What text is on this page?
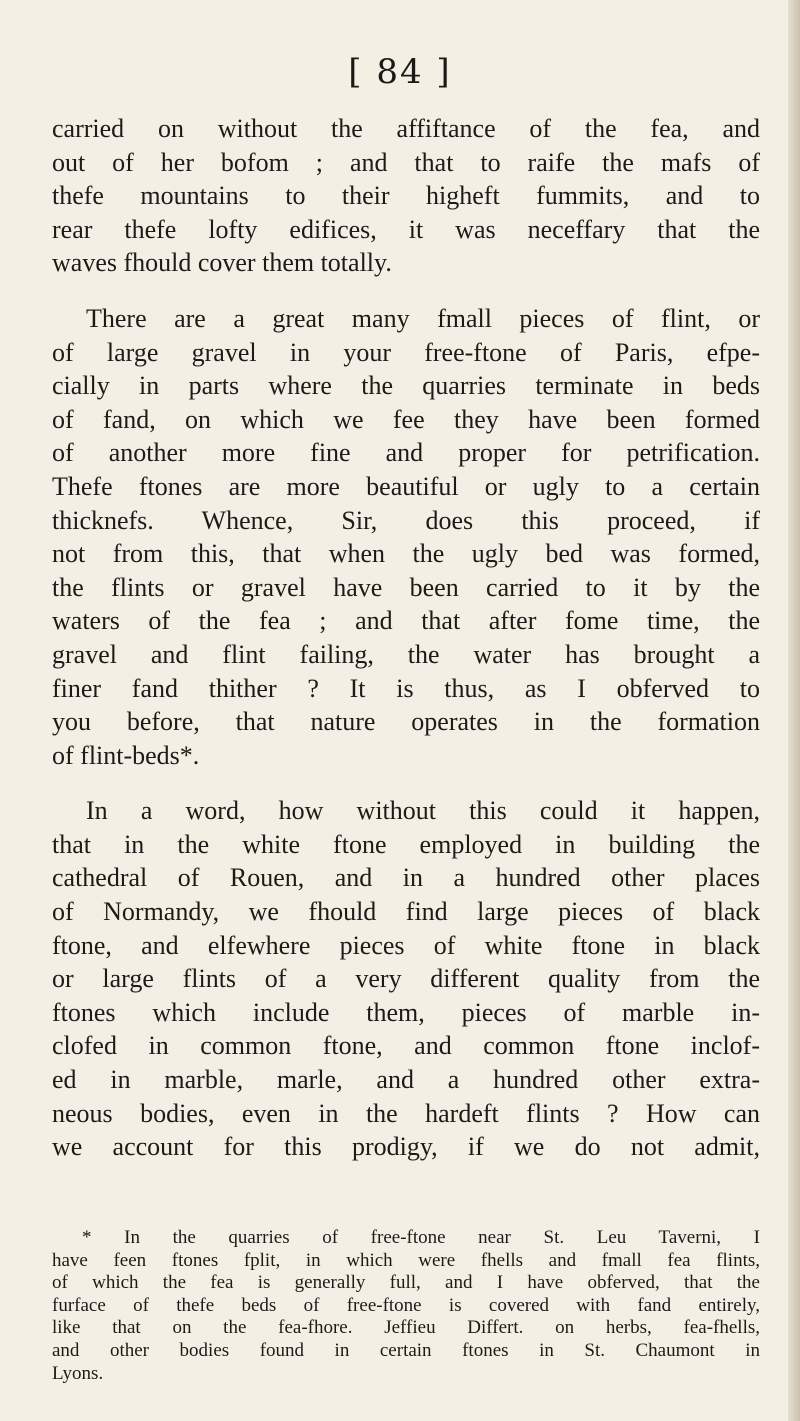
[ 84 ]
carried on without the affiftance of the fea, and
out of her bofom ; and that to raife the mafs of
thefe mountains to their higheft fummits, and to
rear thefe lofty edifices, it was neceffary that the
waves fhould cover them totally.
There are a great many fmall pieces of flint, or
of large gravel in your free-ftone of Paris, efpe-
cially in parts where the quarries terminate in beds
of fand, on which we fee they have been formed
of another more fine and proper for petrification.
Thefe ftones are more beautiful or ugly to a certain
thicknefs. Whence, Sir, does this proceed, if
not from this, that when the ugly bed was formed,
the flints or gravel have been carried to it by the
waters of the fea ; and that after fome time, the
gravel and flint failing, the water has brought a
finer fand thither ? It is thus, as I obferved to
you before, that nature operates in the formation
of flint-beds*.
In a word, how without this could it happen,
that in the white ftone employed in building the
cathedral of Rouen, and in a hundred other places
of Normandy, we fhould find large pieces of black
ftone, and elfewhere pieces of white ftone in black
or large flints of a very different quality from the
ftones which include them, pieces of marble in-
clofed in common ftone, and common ftone inclof-
ed in marble, marle, and a hundred other extra-
neous bodies, even in the hardeft flints ? How can
we account for this prodigy, if we do not admit,
* In the quarries of free-ftone near St. Leu Taverni, I
have feen ftones fplit, in which were fhells and fmall fea flints,
of which the fea is generally full, and I have obferved, that the
furface of thefe beds of free-ftone is covered with fand entirely,
like that on the fea-fhore. Jeffieu Differt. on herbs, fea-fhells,
and other bodies found in certain ftones in St. Chaumont in
Lyons.
